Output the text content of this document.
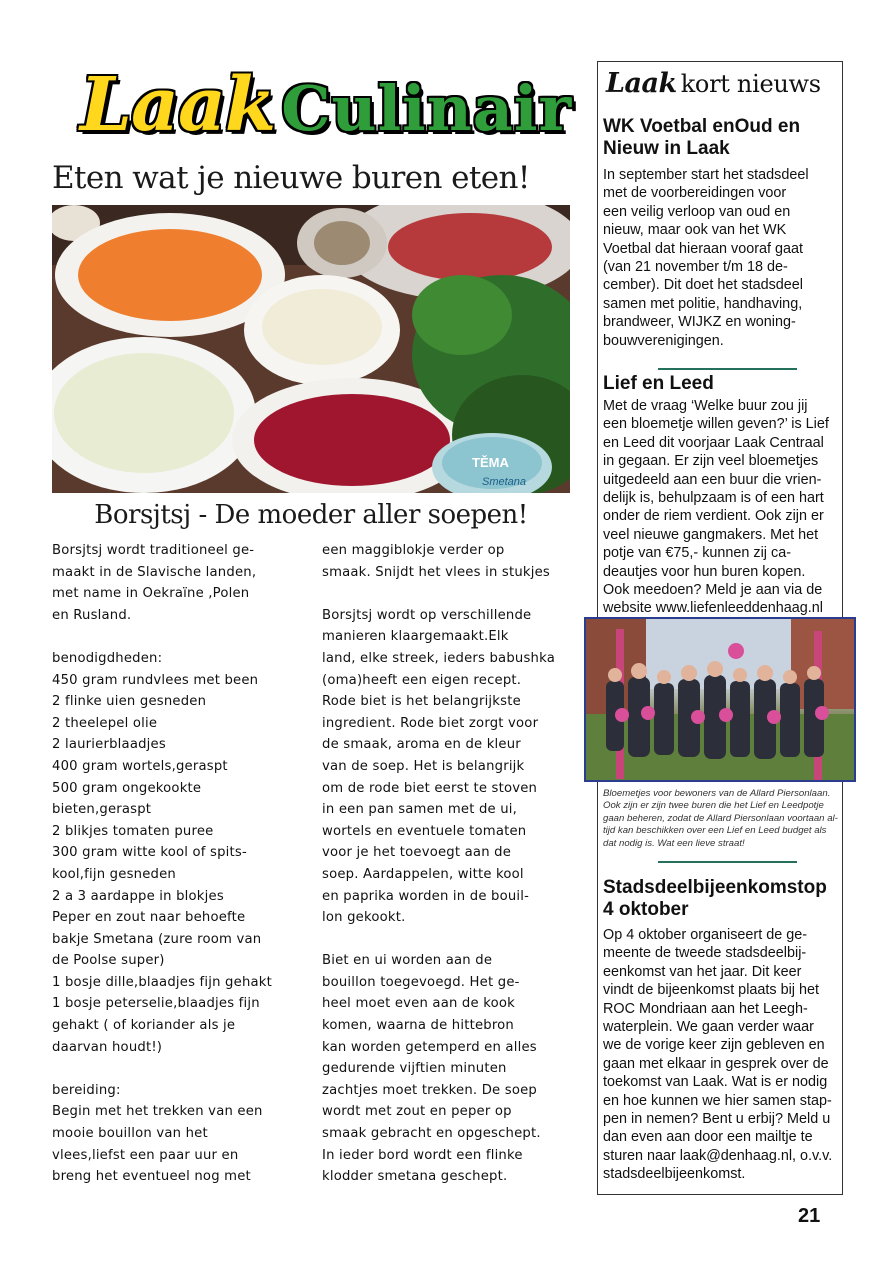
LaakCulinair
Eten wat je nieuwe buren eten!
TĚMA
Smetana
Borsjtsj - De moeder aller soepen!

Borsjtsj wordt traditioneel ge-
maakt in de Slavische landen,
met name in Oekraïne ,Polen
en Rusland.

benodigdheden:
450 gram rundvlees met been
2 flinke uien gesneden
2 theelepel olie
2 laurierblaadjes
400 gram wortels,geraspt
500 gram ongekookte
bieten,geraspt
2 blikjes tomaten puree
300 gram witte kool of spits-
kool,fijn gesneden
2 a 3 aardappe in blokjes
Peper en zout naar behoefte
bakje Smetana (zure room van
de Poolse super)
1 bosje dille,blaadjes fijn gehakt
1 bosje peterselie,blaadjes fijn
gehakt ( of koriander als je
daarvan houdt!)

bereiding:
Begin met het trekken van een
mooie bouillon van het
vlees,liefst een paar uur en
breng het eventueel nog met

een maggiblokje verder op
smaak. Snijdt het vlees in stukjes

Borsjtsj wordt op verschillende
manieren klaargemaakt.Elk
land, elke streek, ieders babushka
(oma)heeft een eigen recept.
Rode biet is het belangrijkste
ingredient. Rode biet zorgt voor
de smaak, aroma en de kleur
van de soep. Het is belangrijk
om de rode biet eerst te stoven
in een pan samen met de ui,
wortels en eventuele tomaten
voor je het toevoegt aan de
soep. Aardappelen, witte kool
en paprika worden in de bouil-
lon gekookt.

Biet en ui worden aan de
bouillon toegevoegd. Het ge-
heel moet even aan de kook
komen, waarna de hittebron
kan worden getemperd en alles
gedurende vijftien minuten
zachtjes moet trekken. De soep
wordt met zout en peper op
smaak gebracht en opgeschept.
In ieder bord wordt een flinke
klodder smetana geschept.

Laak kort nieuws
WK Voetbal enOud en Nieuw in Laak
In september start het stadsdeel
met de voorbereidingen voor
een veilig verloop van oud en
nieuw, maar ook van het WK
Voetbal dat hieraan vooraf gaat
(van 21 november t/m 18 de-
cember). Dit doet het stadsdeel
samen met politie, handhaving,
brandweer, WIJKZ en woning-
bouwverenigingen.
Lief en Leed
Met de vraag ‘Welke buur zou jij
een bloemetje willen geven?’ is Lief
en Leed dit voorjaar Laak Centraal
in gegaan. Er zijn veel bloemetjes
uitgedeeld aan een buur die vrien-
delijk is, behulpzaam is of een hart
onder de riem verdient. Ook zijn er
veel nieuwe gangmakers. Met het
potje van €75,- kunnen zij ca-
deautjes voor hun buren kopen.
Ook meedoen? Meld je aan via de
website www.liefenleeddenhaag.nl
Bloemetjes voor bewoners van de Allard Piersonlaan.
Ook zijn er zijn twee buren die het Lief en Leedpotje
gaan beheren, zodat de Allard Piersonlaan voortaan al-
tijd kan beschikken over een Lief en Leed budget als
dat nodig is. Wat een lieve straat!
Stadsdeelbijeenkomstop 4 oktober
Op 4 oktober organiseert de ge-
meente de tweede stadsdeelbij-
eenkomst van het jaar. Dit keer
vindt de bijeenkomst plaats bij het
ROC Mondriaan aan het Leegh-
waterplein. We gaan verder waar
we de vorige keer zijn gebleven en
gaan met elkaar in gesprek over de
toekomst van Laak. Wat is er nodig
en hoe kunnen we hier samen stap-
pen in nemen? Bent u erbij? Meld u
dan even aan door een mailtje te
sturen naar laak@denhaag.nl, o.v.v.
stadsdeelbijeenkomst.
21
